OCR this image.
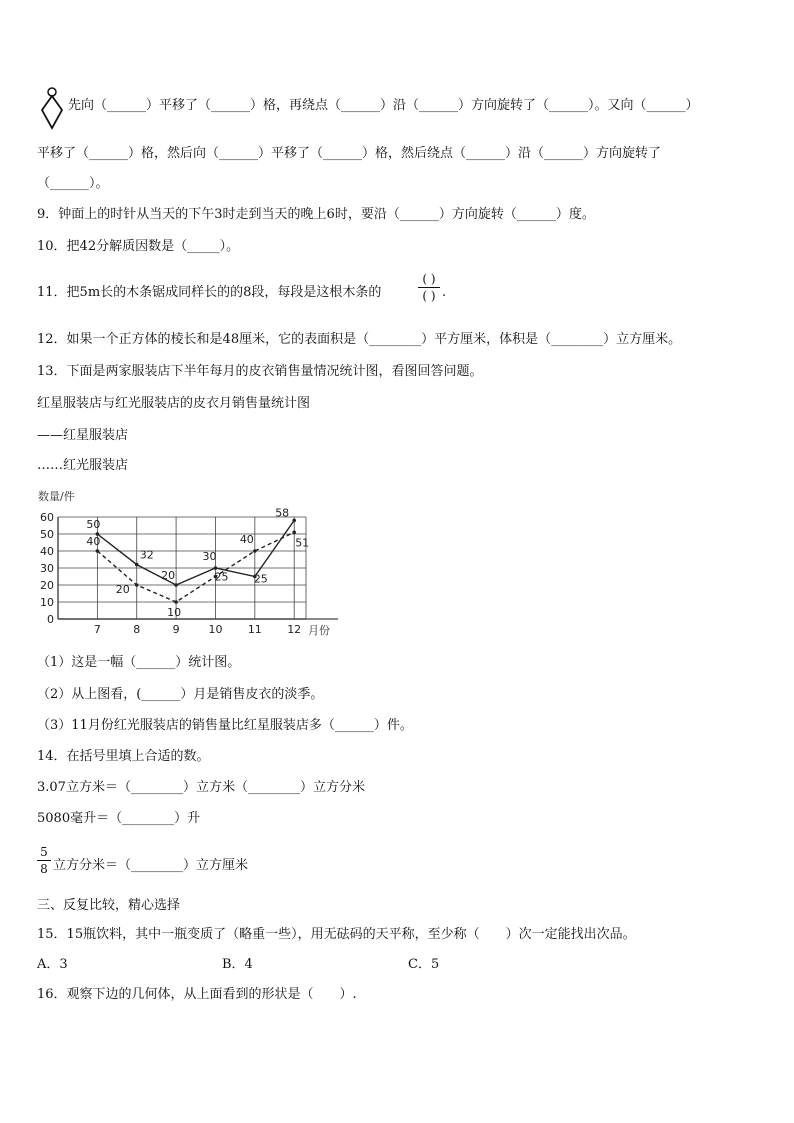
先向（______）平移了（______）格，再绕点（______）沿（______）方向旋转了（______）。又向（______）
平移了（______）格，然后向（______）平移了（______）格，然后绕点（______）沿（______）方向旋转了
（______）。
9．钟面上的时针从当天的下午3时走到当天的晚上6时，要沿（______）方向旋转（______）度。
10．把42分解质因数是（_____）。
11．把5m长的木条锯成同样长的的8段，每段是这根木条的
( )
( ) .
12．如果一个正方体的棱长和是48厘米，它的表面积是（________）平方厘米，体积是（________）立方厘米。
13．下面是两家服装店下半年每月的皮衣销售量情况统计图，看图回答问题。
红星服装店与红光服装店的皮衣月销售量统计图
——红星服装店
……红光服装店
数量/件
月份
0
10
20
30
40
50
60
7	8	9	10 11 12
50
32
20
30
25
58
40
20
10
25
40	51
（1）这是一幅（______）统计图。
（2）从上图看，(______）月是销售皮衣的淡季。
（3）11月份红光服装店的销售量比红星服装店多（______）件。
14．在括号里填上合适的数。
3.07立方米＝（________）立方米（________）立方分米
5080毫升＝（________）升
5
8 立方分米＝（________）立方厘米
三、反复比较，精心选择
15．15瓶饮料，其中一瓶变质了（略重一些），用无砝码的天平称，至少称（　　）次一定能找出次品。
A．3	B．4	C．5
16．观察下边的几何体，从上面看到的形状是（　　）.
